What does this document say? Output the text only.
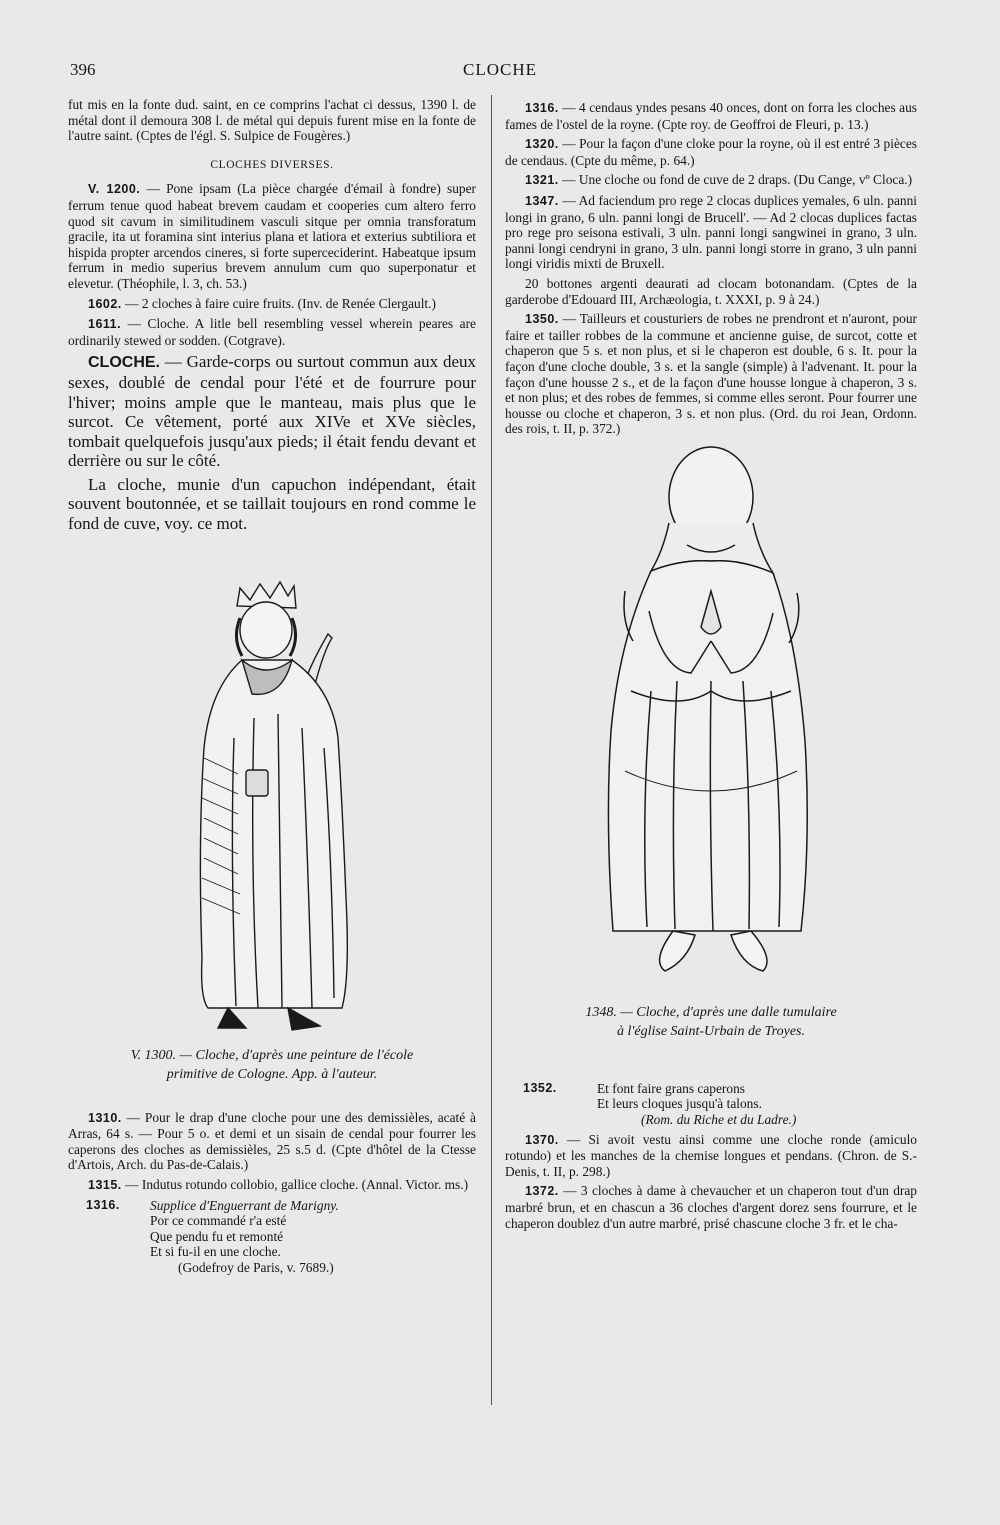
396	CLOCHE

fut mis en la fonte dud. saint, en ce comprins l'achat ci dessus, 1390 l. de métal dont il demoura 308 l. de métal qui depuis furent mise en la fonte de l'autre saint. (Cptes de l'égl. S. Sulpice de Fougères.)

CLOCHES DIVERSES.

V. 1200. — Pone ipsam (La pièce chargée d'émail à fondre) super ferrum tenue quod habeat brevem caudam et cooperies cum altero ferro quod sit cavum in similitudinem vasculi sitque per omnia transforatum gracile, ita ut foramina sint interius plana et latiora et exterius subtiliora et hispida propter arcendos cineres, si forte superceciderint. Habeatque ipsum ferrum in medio superius brevem annulum cum quo superponatur et elevetur. (Théophile, l. 3, ch. 53.)

1602. — 2 cloches à faire cuire fruits. (Inv. de Renée Clergault.)

1611. — Cloche. A litle bell resembling vessel wherein peares are ordinarily stewed or sodden. (Cotgrave).

CLOCHE. — Garde-corps ou surtout commun aux deux sexes, doublé de cendal pour l'été et de fourrure pour l'hiver; moins ample que le manteau, mais plus que le surcot. Ce vêtement, porté aux XIVe et XVe siècles, tombait quelquefois jusqu'aux pieds; il était fendu devant et derrière ou sur le côté.

La cloche, munie d'un capuchon indépendant, était souvent boutonnée, et se taillait toujours en rond comme le fond de cuve, voy. ce mot.

V. 1300. — Cloche, d'après une peinture de l'école
primitive de Cologne. App. à l'auteur.

1310. — Pour le drap d'une cloche pour une des demissièles, acaté à Arras, 64 s. — Pour 5 o. et demi et un sisain de cendal pour fourrer les caperons des cloches as demissièles, 25 s.5 d. (Cpte d'hôtel de la Ctesse d'Artois, Arch. du Pas-de-Calais.)

1315. — Indutus rotundo collobio, gallice cloche. (Annal. Victor. ms.)

1316.	Supplice d'Enguerrant de Marigny.
Por ce commandé r'a esté
Que pendu fu et remonté
Et si fu-il en une cloche.
(Godefroy de Paris, v. 7689.)

1316. — 4 cendaus yndes pesans 40 onces, dont on forra les cloches aus fames de l'ostel de la royne. (Cpte roy. de Geoffroi de Fleuri, p. 13.)

1320. — Pour la façon d'une cloke pour la royne, où il est entré 3 pièces de cendaus. (Cpte du même, p. 64.)

1321. — Une cloche ou fond de cuve de 2 draps. (Du Cange, vº Cloca.)

1347. — Ad faciendum pro rege 2 clocas duplices yemales, 6 uln. panni longi in grano, 6 uln. panni longi de Brucell'. — Ad 2 clocas duplices factas pro rege pro seisona estivali, 3 uln. panni longi sangwinei in grano, 3 uln. panni longi cendryni in grano, 3 uln. panni longi storre in grano, 3 uln panni longi viridis mixti de Bruxell.

20 bottones argenti deaurati ad clocam botonandam. (Cptes de la garderobe d'Edouard III, Archæologia, t. XXXI, p. 9 à 24.)

1350. — Tailleurs et cousturiers de robes ne prendront et n'auront, pour faire et tailler robbes de la commune et ancienne guise, de surcot, cotte et chaperon que 5 s. et non plus, et si le chaperon est double, 6 s. It. pour la façon d'une cloche double, 3 s. et la sangle (simple) à l'advenant. It. pour la façon d'une housse 2 s., et de la façon d'une housse longue à chaperon, 3 s. et non plus; et des robes de femmes, si comme elles seront. Pour fourrer une housse ou cloche et chaperon, 3 s. et non plus. (Ord. du roi Jean, Ordonn. des rois, t. II, p. 372.)

1348. — Cloche, d'après une dalle tumulaire
à l'église Saint-Urbain de Troyes.
1352.	Et font faire grans caperons
Et leurs cloques jusqu'à talons.
(Rom. du Riche et du Ladre.)

1370. — Si avoit vestu ainsi comme une cloche ronde (amiculo rotundo) et les manches de la chemise longues et pendans. (Chron. de S.-Denis, t. II, p. 298.)

1372. — 3 cloches à dame à chevaucher et un chaperon tout d'un drap marbré brun, et en chascun a 36 cloches d'argent dorez sens fourrure, et le chaperon doublez d'un autre marbré, prisé chascune cloche 3 fr. et le cha-
